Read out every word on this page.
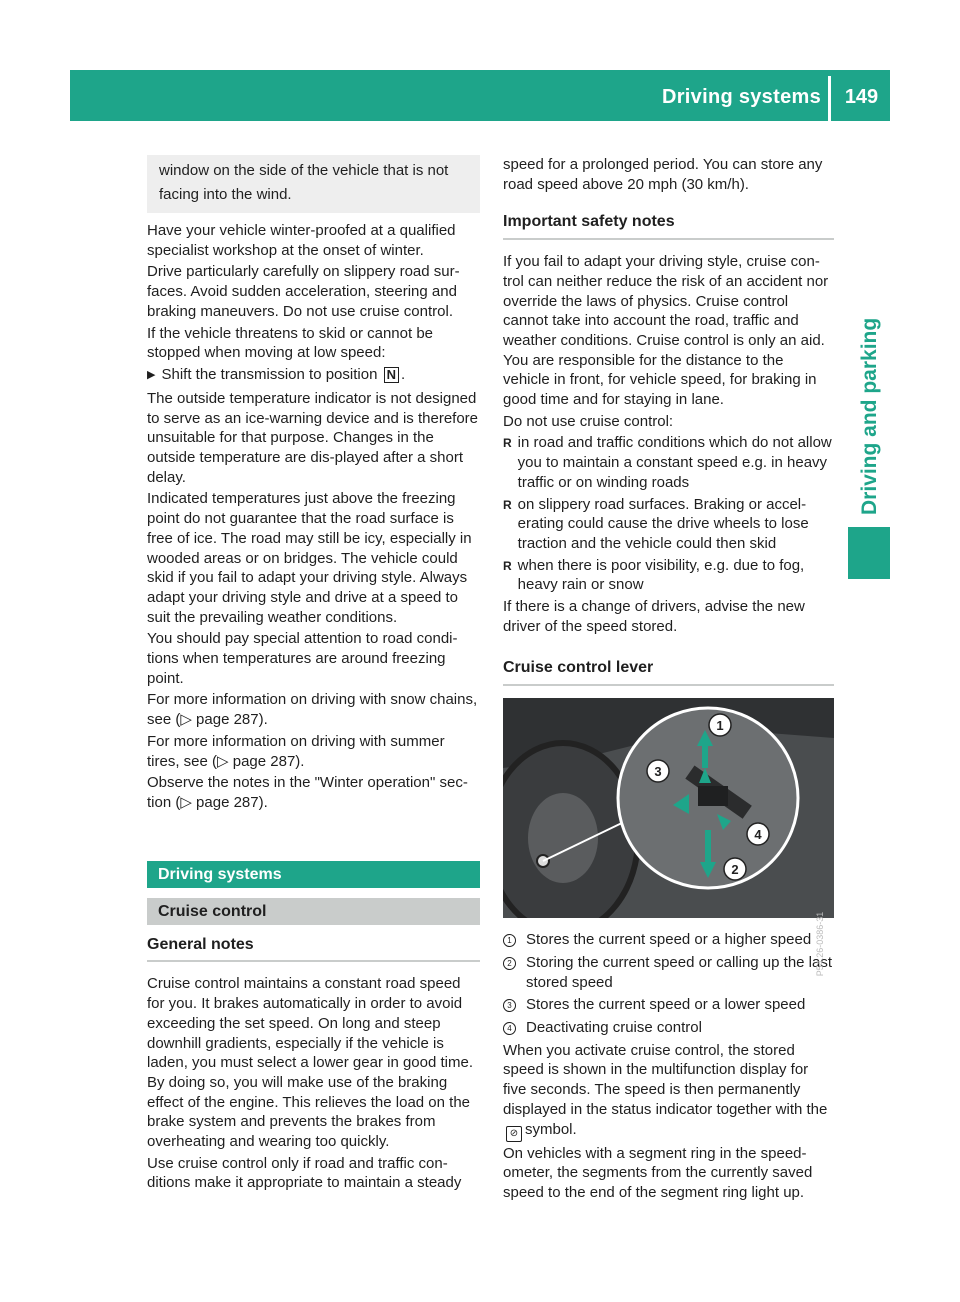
Driving systems	149
Driving and parking
window on the side of the vehicle that is not facing into the wind.

Have your vehicle winter-proofed at a qualified specialist workshop at the onset of winter.

Drive particularly carefully on slippery road sur-faces. Avoid sudden acceleration, steering and braking maneuvers. Do not use cruise control.

If the vehicle threatens to skid or cannot be stopped when moving at low speed:

▶ Shift the transmission to position N .

The outside temperature indicator is not designed to serve as an ice-warning device and is therefore unsuitable for that purpose. Changes in the outside temperature are dis-played after a short delay.

Indicated temperatures just above the freezing point do not guarantee that the road surface is free of ice. The road may still be icy, especially in wooded areas or on bridges. The vehicle could skid if you fail to adapt your driving style. Always adapt your driving style and drive at a speed to suit the prevailing weather conditions.

You should pay special attention to road condi-tions when temperatures are around freezing point.

For more information on driving with snow chains, see (▷ page 287).

For more information on driving with summer tires, see (▷ page 287).

Observe the notes in the "Winter operation" sec-tion (▷ page 287).

Driving systems
Cruise control
General notes

Cruise control maintains a constant road speed for you. It brakes automatically in order to avoid exceeding the set speed. On long and steep downhill gradients, especially if the vehicle is laden, you must select a lower gear in good time. By doing so, you will make use of the braking effect of the engine. This relieves the load on the brake system and prevents the brakes from overheating and wearing too quickly.

Use cruise control only if road and traffic con-ditions make it appropriate to maintain a steady

speed for a prolonged period. You can store any road speed above 20 mph (30 km/h).

Important safety notes

If you fail to adapt your driving style, cruise con-trol can neither reduce the risk of an accident nor override the laws of physics. Cruise control cannot take into account the road, traffic and weather conditions. Cruise control is only an aid. You are responsible for the distance to the vehicle in front, for vehicle speed, for braking in good time and for staying in lane.

Do not use cruise control:

R in road and traffic conditions which do not allow you to maintain a constant speed e.g. in heavy traffic or on winding roads
R on slippery road surfaces. Braking or accel-erating could cause the drive wheels to lose traction and the vehicle could then skid
R when there is poor visibility, e.g. due to fog, heavy rain or snow

If there is a change of drivers, advise the new driver of the speed stored.

Cruise control lever
1
2
3
4
P54.26-0386-31
1 Stores the current speed or a higher speed
2 Storing the current speed or calling up the last stored speed
3 Stores the current speed or a lower speed
4 Deactivating cruise control

When you activate cruise control, the stored speed is shown in the multifunction display for five seconds. The speed is then permanently displayed in the status indicator together with the⊘ symbol.

On vehicles with a segment ring in the speed-ometer, the segments from the currently saved speed to the end of the segment ring light up.
